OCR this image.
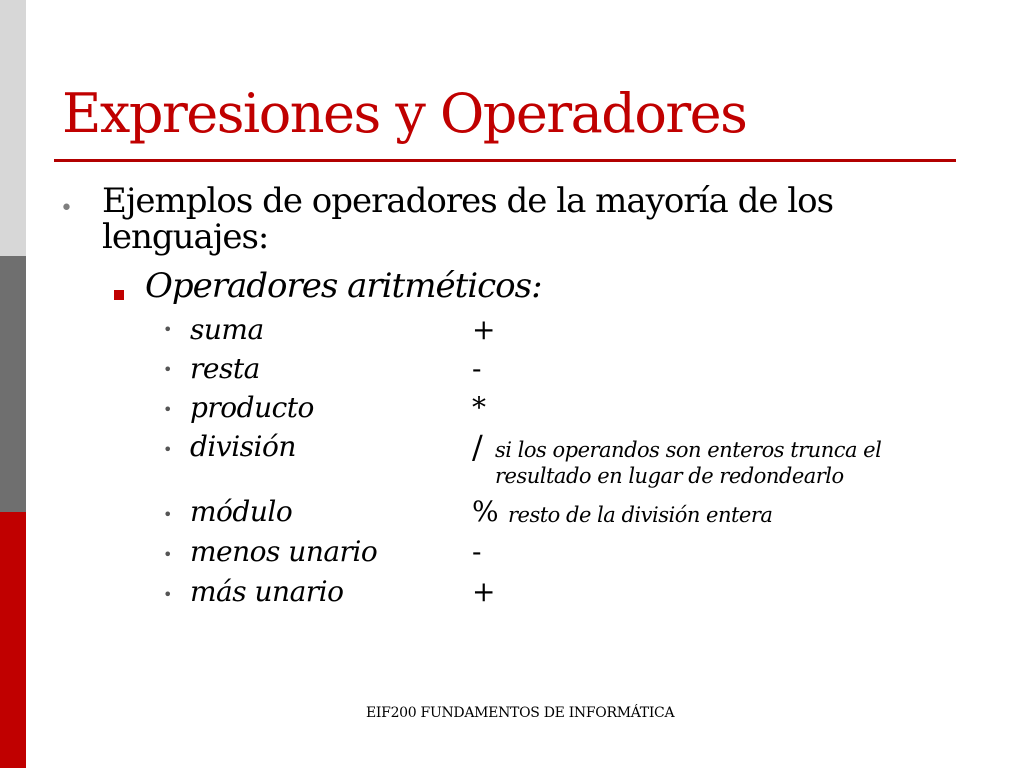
Expresiones y Operadores
• Ejemplos de operadores de la mayoría de los
lenguajes:
Operadores aritméticos:
• suma	+
• resta	-
• producto	*
• división	/ si los operandos son enteros trunca el
resultado en lugar de redondearlo
• módulo	% resto de la división entera
• menos unario	-
• más unario	+
EIF200 FUNDAMENTOS DE INFORMÁTICA
